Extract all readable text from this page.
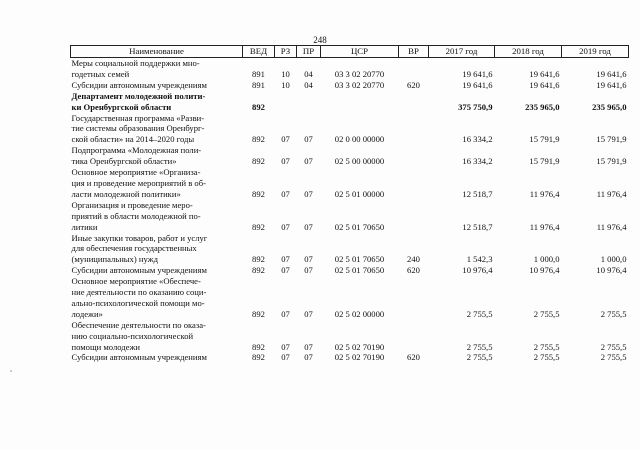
248
Наименование	ВЕД	РЗ	ПР	ЦСР	ВР	2017 год	2018 год	2019 год
Меры социальной поддержки мно-
годетных семей	891	10	04	03 3 02 20770		19 641,6	19 641,6	19 641,6
Субсидии автономным учреждениям	891	10	04	03 3 02 20770	620	19 641,6	19 641,6	19 641,6
Департамент молодежной полити-
ки Оренбургской области	892					375 750,9	235 965,0	235 965,0
Государственная программа «Разви-
тие системы образования Оренбург-
ской области» на 2014–2020 годы	892	07	07	02 0 00 00000		16 334,2	15 791,9	15 791,9
Подпрограмма «Молодежная поли-
тика Оренбургской области»	892	07	07	02 5 00 00000		16 334,2	15 791,9	15 791,9
Основное мероприятие «Организа-
ция и проведение мероприятий в об-
ласти молодежной политики»	892	07	07	02 5 01 00000		12 518,7	11 976,4	11 976,4
Организация и проведение меро-
приятий в области молодежной по-
литики	892	07	07	02 5 01 70650		12 518,7	11 976,4	11 976,4
Иные закупки товаров, работ и услуг
для обеспечения государственных
(муниципальных) нужд	892	07	07	02 5 01 70650	240	1 542,3	1 000,0	1 000,0
Субсидии автономным учреждениям	892	07	07	02 5 01 70650	620	10 976,4	10 976,4	10 976,4
Основное мероприятие «Обеспече-
ние деятельности по оказанию соци-
ально-психологической помощи мо-
лодежи»	892	07	07	02 5 02 00000		2 755,5	2 755,5	2 755,5
Обеспечение деятельности по оказа-
нию социально-психологической
помощи молодежи	892	07	07	02 5 02 70190		2 755,5	2 755,5	2 755,5
Субсидии автономным учреждениям	892	07	07	02 5 02 70190	620	2 755,5	2 755,5	2 755,5
